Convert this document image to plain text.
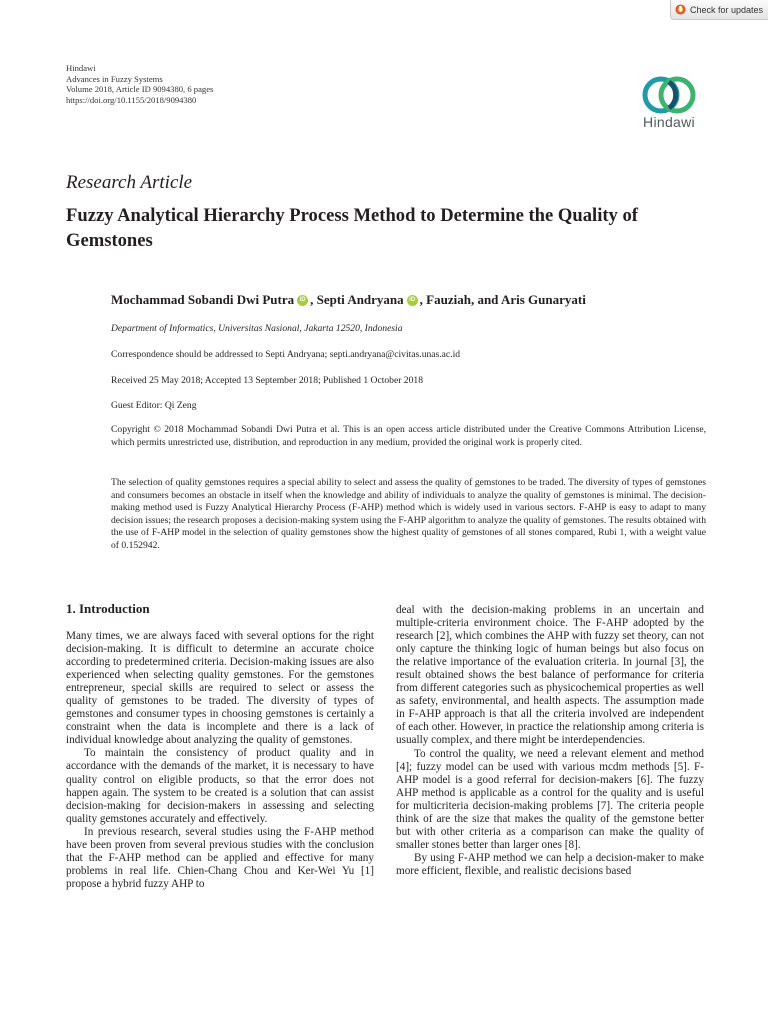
Check for updates
Hindawi
Advances in Fuzzy Systems
Volume 2018, Article ID 9094380, 6 pages
https://doi.org/10.1155/2018/9094380
Hindawi
Research Article
Fuzzy Analytical Hierarchy Process Method to Determine the Quality of Gemstones
Mochammad Sobandi Dwi Putra iD , Septi Andryana iD , Fauziah, and Aris Gunaryati
Department of Informatics, Universitas Nasional, Jakarta 12520, Indonesia
Correspondence should be addressed to Septi Andryana; septi.andryana@civitas.unas.ac.id
Received 25 May 2018; Accepted 13 September 2018; Published 1 October 2018
Guest Editor: Qi Zeng
Copyright © 2018 Mochammad Sobandi Dwi Putra et al. This is an open access article distributed under the Creative Commons Attribution License, which permits unrestricted use, distribution, and reproduction in any medium, provided the original work is properly cited.
The selection of quality gemstones requires a special ability to select and assess the quality of gemstones to be traded. The diversity of types of gemstones and consumers becomes an obstacle in itself when the knowledge and ability of individuals to analyze the quality of gemstones is minimal. The decision-making method used is Fuzzy Analytical Hierarchy Process (F-AHP) method which is widely used in various sectors. F-AHP is easy to adapt to many decision issues; the research proposes a decision-making system using the F-AHP algorithm to analyze the quality of gemstones. The results obtained with the use of F-AHP model in the selection of quality gemstones show the highest quality of gemstones of all stones compared, Rubi 1, with a weight value of 0.152942.
1. Introduction

Many times, we are always faced with several options for the right decision-making. It is difficult to determine an accurate choice according to predetermined criteria. Decision-making issues are also experienced when selecting quality gemstones. For the gemstones entrepreneur, special skills are required to select or assess the quality of gemstones to be traded. The diversity of types of gemstones and consumer types in choosing gemstones is certainly a constraint when the data is incomplete and there is a lack of individual knowledge about analyzing the quality of gemstones.

To maintain the consistency of product quality and in accordance with the demands of the market, it is necessary to have quality control on eligible products, so that the error does not happen again. The system to be created is a solution that can assist decision-making for decision-makers in assessing and selecting quality gemstones accurately and effectively.

In previous research, several studies using the F-AHP method have been proven from several previous studies with the conclusion that the F-AHP method can be applied and effective for many problems in real life. Chien-Chang Chou and Ker-Wei Yu [1] propose a hybrid fuzzy AHP to

deal with the decision-making problems in an uncertain and multiple-criteria environment choice. The F-AHP adopted by the research [2], which combines the AHP with fuzzy set theory, can not only capture the thinking logic of human beings but also focus on the relative importance of the evaluation criteria. In journal [3], the result obtained shows the best balance of performance for criteria from different categories such as physicochemical properties as well as safety, environmental, and health aspects. The assumption made in F-AHP approach is that all the criteria involved are independent of each other. However, in practice the relationship among criteria is usually complex, and there might be interdependencies.

To control the quality, we need a relevant element and method [4]; fuzzy model can be used with various mcdm methods [5]. F-AHP model is a good referral for decision-makers [6]. The fuzzy AHP method is applicable as a control for the quality and is useful for multicriteria decision-making problems [7]. The criteria people think of are the size that makes the quality of the gemstone better but with other criteria as a comparison can make the quality of smaller stones better than larger ones [8].

By using F-AHP method we can help a decision-maker to make more efficient, flexible, and realistic decisions based
